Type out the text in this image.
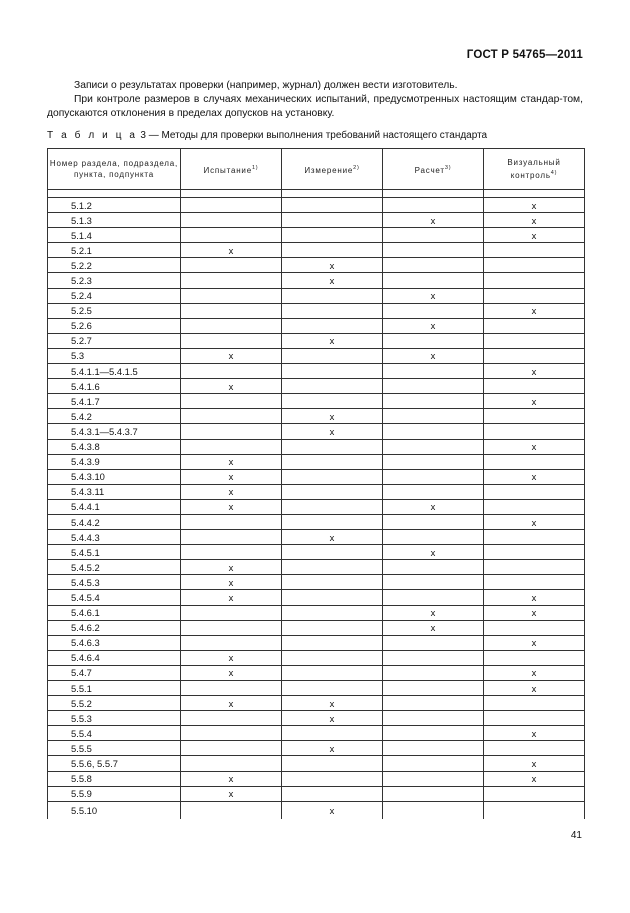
ГОСТ Р 54765—2011

Записи о результатах проверки (например, журнал) должен вести изготовитель.

При контроле размеров в случаях механических испытаний, предусмотренных настоящим стандар-том, допускаются отклонения в пределах допусков на установку.

Т а б л и ц а 3 — Методы для проверки выполнения требований настоящего стандарта
Номер раздела, подраздела, пункта, подпункта	Испытание$^{1)}$	Измерение$^{2)}$	Расчет$^{3)}$	Визуальный контроль$^{4)}$

5.1.2				x
5.1.3			x	x
5.1.4				x
5.2.1	x			
5.2.2		x		
5.2.3		x		
5.2.4			x	
5.2.5				x
5.2.6			x	
5.2.7		x		
5.3	x		x	
5.4.1.1—5.4.1.5				x
5.4.1.6	x			
5.4.1.7				x
5.4.2		x		
5.4.3.1—5.4.3.7		x		
5.4.3.8				x
5.4.3.9	x			
5.4.3.10	x			x
5.4.3.11	x			
5.4.4.1	x		x	
5.4.4.2				x
5.4.4.3		x		
5.4.5.1			x	
5.4.5.2	x			
5.4.5.3	x			
5.4.5.4	x			x
5.4.6.1			x	x
5.4.6.2			x	
5.4.6.3				x
5.4.6.4	x			
5.4.7	x			x
5.5.1				x
5.5.2	x	x		
5.5.3		x		
5.5.4				x
5.5.5		x		
5.5.6, 5.5.7				x
5.5.8	x			x
5.5.9	x			
5.5.10		x		
41
